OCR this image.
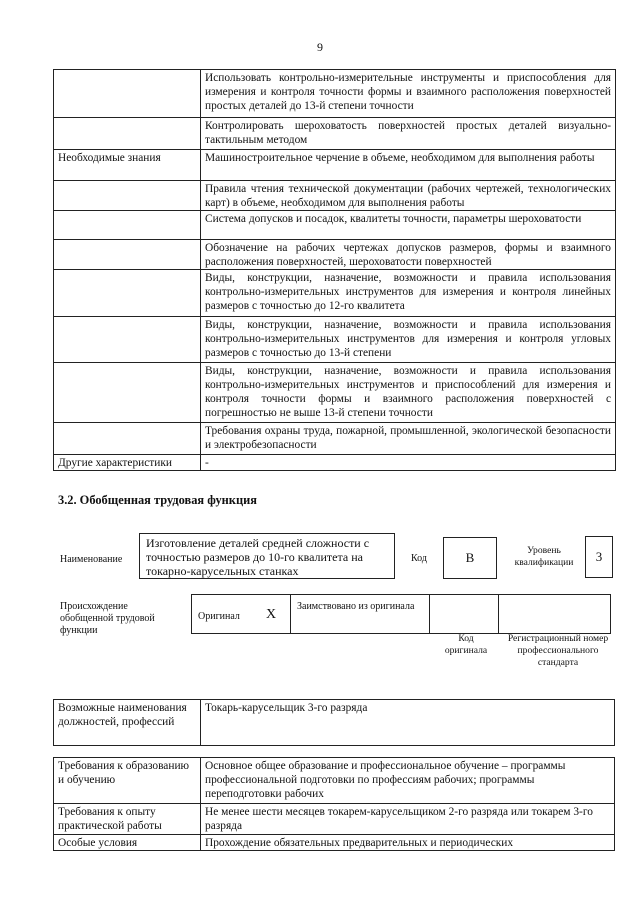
9
	Использовать контрольно-измерительные инструменты и приспособления для измерения и контроля точности формы и взаимного расположения поверхностей простых деталей до 13-й степени точности
	Контролировать шероховатость поверхностей простых деталей визуально-тактильным методом
Необходимые знания	Машиностроительное черчение в объеме, необходимом для выполнения работы
	Правила чтения технической документации (рабочих чертежей, технологических карт) в объеме, необходимом для выполнения работы
	Система допусков и посадок, квалитеты точности, параметры шероховатости
	Обозначение на рабочих чертежах допусков размеров, формы и взаимного расположения поверхностей, шероховатости поверхностей
	Виды, конструкции, назначение, возможности и правила использования контрольно-измерительных инструментов для измерения и контроля линейных размеров с точностью до 12-го квалитета
	Виды, конструкции, назначение, возможности и правила использования контрольно-измерительных инструментов для измерения и контроля угловых размеров с точностью до 13-й степени
	Виды, конструкции, назначение, возможности и правила использования контрольно-измерительных инструментов и приспособлений для измерения и контроля точности формы и взаимного расположения поверхностей с погрешностью не выше 13-й степени точности
	Требования охраны труда, пожарной, промышленной, экологической безопасности и электробезопасности
Другие характеристики	-
3.2. Обобщенная трудовая функция
Наименование
Изготовление деталей средней сложности с точностью размеров до 10-го квалитета на токарно-карусельных станках
Код	В	Уровень квалификации	3
Происхождение обобщенной трудовой функции
Оригинал X
Заимствовано из оригинала
Код оригинала
Регистрационный номер профессионального стандарта
Возможные наименования должностей, профессий	Токарь-карусельщик 3-го разряда
Требования к образованию и обучению	Основное общее образование и профессиональное обучение – программы профессиональной подготовки по профессиям рабочих; программы переподготовки рабочих
Требования к опыту практической работы	Не менее шести месяцев токарем-карусельщиком 2-го разряда или токарем 3-го разряда
Особые условия	Прохождение обязательных предварительных и периодических
